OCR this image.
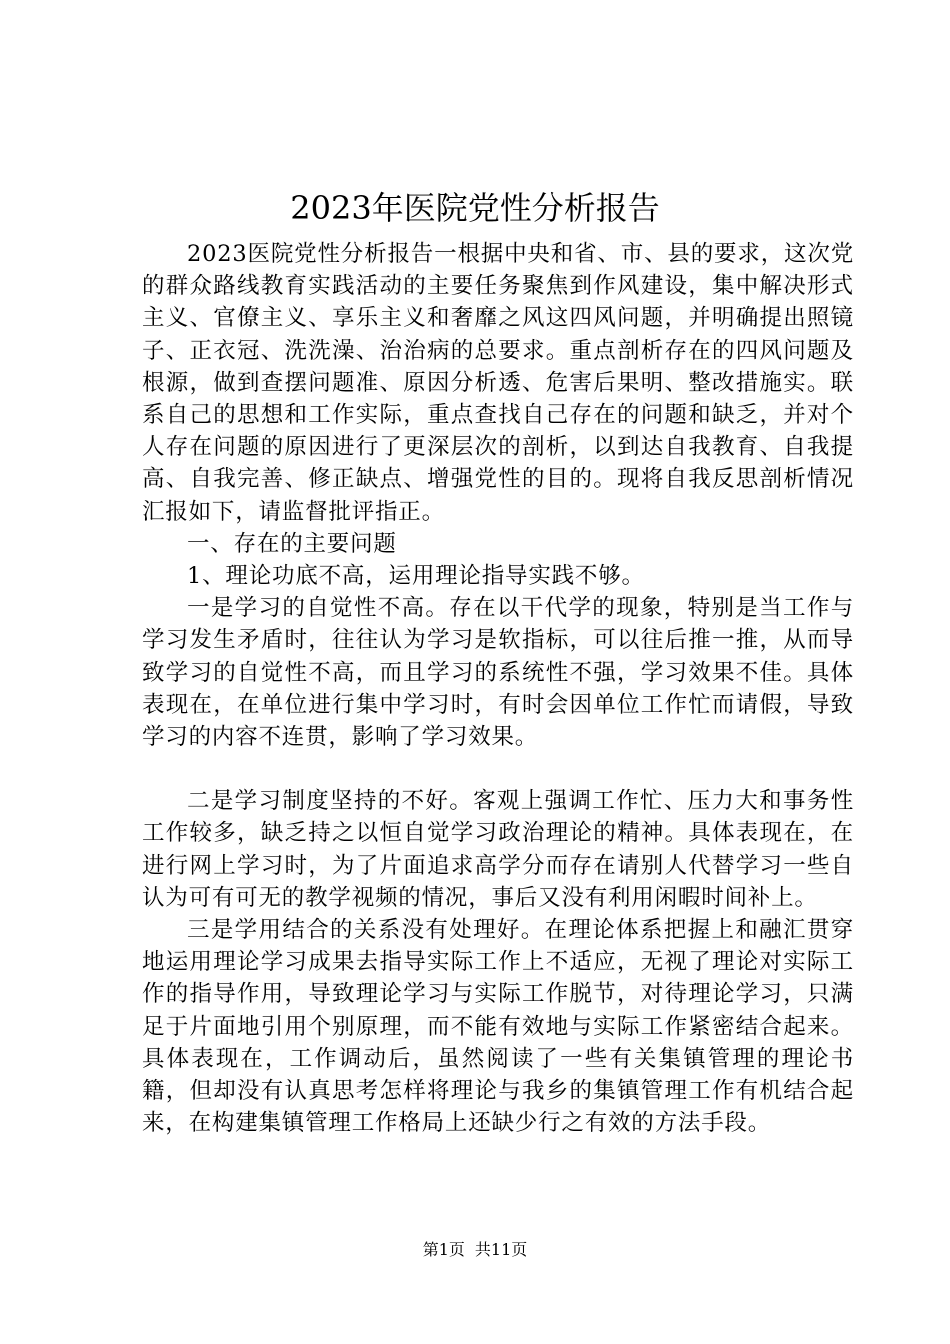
2023年医院党性分析报告

2023医院党性分析报告一根据中央和省、市、县的要求，这次党的群众路线教育实践活动的主要任务聚焦到作风建设，集中解决形式主义、官僚主义、享乐主义和奢靡之风这四风问题，并明确提出照镜子、正衣冠、洗洗澡、治治病的总要求。重点剖析存在的四风问题及根源，做到查摆问题准、原因分析透、危害后果明、整改措施实。联系自己的思想和工作实际，重点查找自己存在的问题和缺乏，并对个人存在问题的原因进行了更深层次的剖析，以到达自我教育、自我提高、自我完善、修正缺点、增强党性的目的。现将自我反思剖析情况汇报如下，请监督批评指正。

一、存在的主要问题

1、理论功底不高，运用理论指导实践不够。

一是学习的自觉性不高。存在以干代学的现象，特别是当工作与学习发生矛盾时，往往认为学习是软指标，可以往后推一推，从而导致学习的自觉性不高，而且学习的系统性不强，学习效果不佳。具体表现在，在单位进行集中学习时，有时会因单位工作忙而请假，导致学习的内容不连贯，影响了学习效果。

二是学习制度坚持的不好。客观上强调工作忙、压力大和事务性工作较多，缺乏持之以恒自觉学习政治理论的精神。具体表现在，在进行网上学习时，为了片面追求高学分而存在请别人代替学习一些自认为可有可无的教学视频的情况，事后又没有利用闲暇时间补上。

三是学用结合的关系没有处理好。在理论体系把握上和融汇贯穿地运用理论学习成果去指导实际工作上不适应，无视了理论对实际工作的指导作用，导致理论学习与实际工作脱节，对待理论学习，只满足于片面地引用个别原理，而不能有效地与实际工作紧密结合起来。具体表现在，工作调动后，虽然阅读了一些有关集镇管理的理论书籍，但却没有认真思考怎样将理论与我乡的集镇管理工作有机结合起来，在构建集镇管理工作格局上还缺少行之有效的方法手段。

第1页 共11页
